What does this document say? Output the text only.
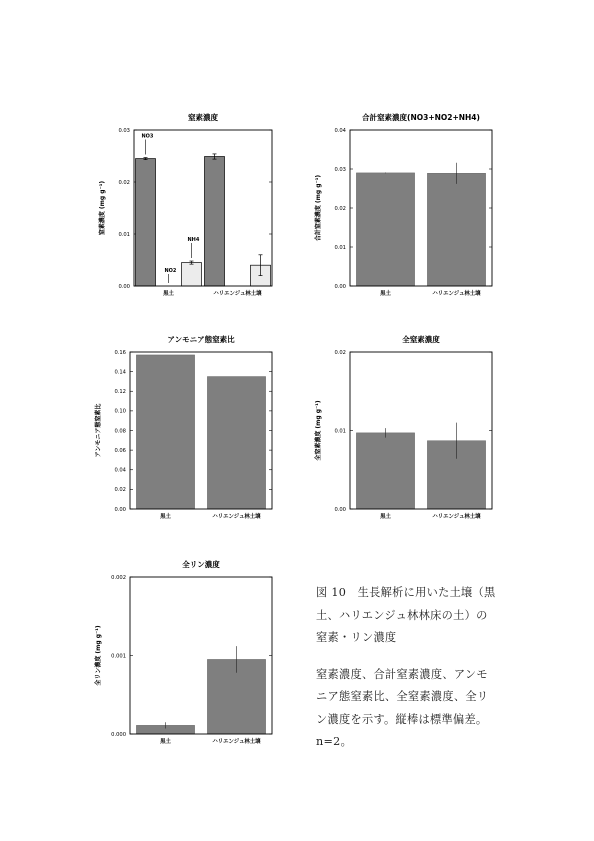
窒素濃度
0.00
0.01
0.02
0.03
窒素濃度 (mg g⁻¹)
NO3
NO2
NH4
黒土	ハリエンジュ林土壌
合計窒素濃度(NO3+NO2+NH4)
0.00
0.01
0.02
0.03
0.04
合計窒素濃度 (mg g⁻¹)
黒土	ハリエンジュ林土壌
アンモニア態窒素比
0.00
0.02
0.04
0.06
0.08
0.10
0.12
0.14
0.16
アンモニア態窒素比
黒土	ハリエンジュ林土壌
全窒素濃度
0.00
0.01
0.02
全窒素濃度 (mg g⁻¹)
黒土	ハリエンジュ林土壌
全リン濃度
0.000
0.001
0.002
全リン濃度 (mg g⁻¹)
黒土	ハリエンジュ林土壌

図 10　生長解析に用いた土壌（黒土、ハリエンジュ林林床の土）の窒素・リン濃度

窒素濃度、合計窒素濃度、アンモニア態窒素比、全窒素濃度、全リン濃度を示す。縦棒は標準偏差。n=2。
